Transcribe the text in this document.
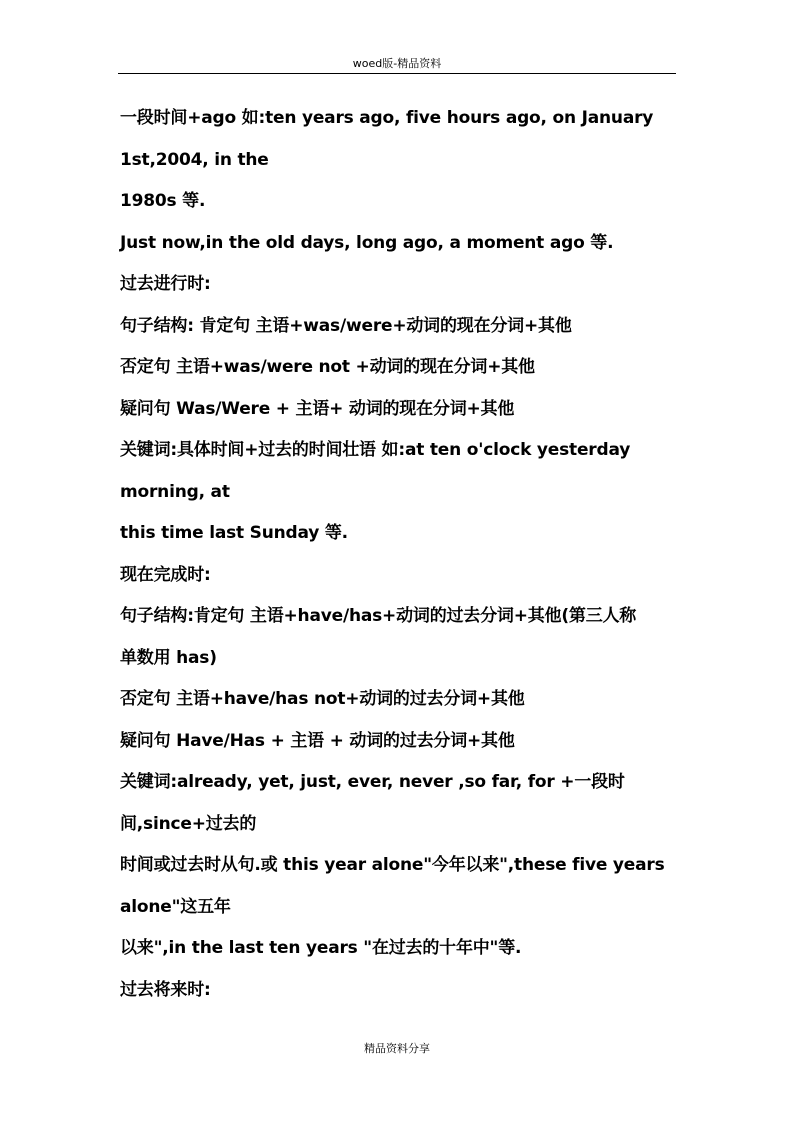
woed版-精品资料
一段时间+ago 如:ten years ago, five hours ago, on January
1st,2004, in the
1980s 等.
Just now,in the old days, long ago, a moment ago 等.
过去进行时:
句子结构: 肯定句 主语+was/were+动词的现在分词+其他
否定句 主语+was/were not +动词的现在分词+其他
疑问句 Was/Were + 主语+ 动词的现在分词+其他
关键词:具体时间+过去的时间壮语 如:at ten o'clock yesterday
morning, at
this time last Sunday 等.
现在完成时:
句子结构:肯定句 主语+have/has+动词的过去分词+其他(第三人称
单数用 has)
否定句 主语+have/has not+动词的过去分词+其他
疑问句 Have/Has + 主语 + 动词的过去分词+其他
关键词:already, yet, just, ever, never ,so far, for +一段时
间,since+过去的
时间或过去时从句.或 this year alone"今年以来",these five years
alone"这五年
以来",in the last ten years "在过去的十年中"等.
过去将来时:
精品资料分享
